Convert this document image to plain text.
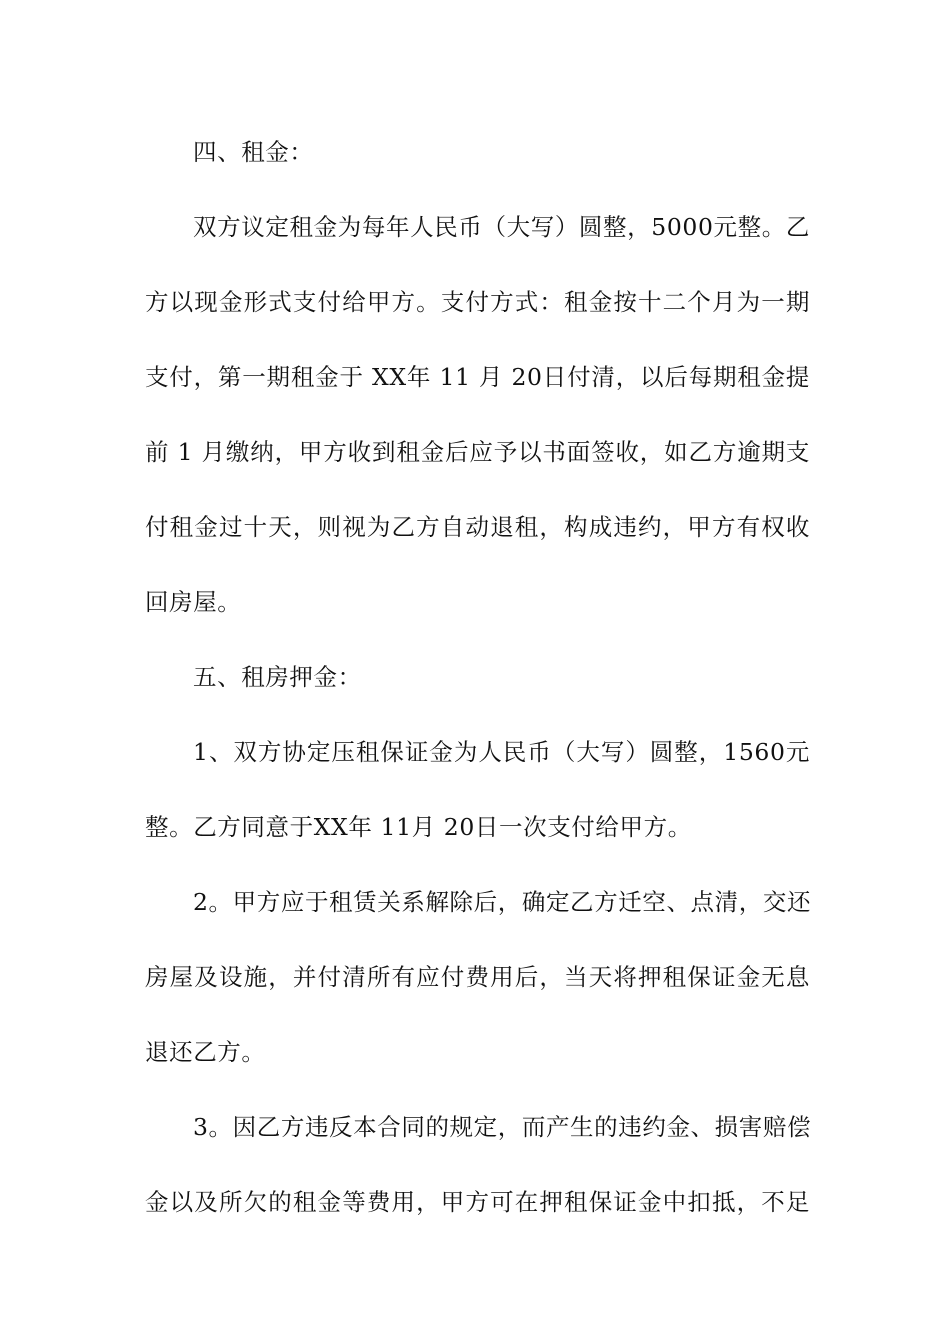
四、租金：
双方议定租金为每年人民币（大写）圆整，5000元整。乙
方以现金形式支付给甲方。支付方式：租金按十二个月为一期
支付，第一期租金于 XX年 11 月 20日付清，以后每期租金提
前 1 月缴纳，甲方收到租金后应予以书面签收，如乙方逾期支
付租金过十天，则视为乙方自动退租，构成违约，甲方有权收
回房屋。
五、租房押金：
1、双方协定压租保证金为人民币（大写）圆整，1560元
整。乙方同意于XX年 11月 20日一次支付给甲方。
2。甲方应于租赁关系解除后，确定乙方迁空、点清，交还
房屋及设施，并付清所有应付费用后，当天将押租保证金无息
退还乙方。
3。因乙方违反本合同的规定，而产生的违约金、损害赔偿
金以及所欠的租金等费用，甲方可在押租保证金中扣抵，不足
